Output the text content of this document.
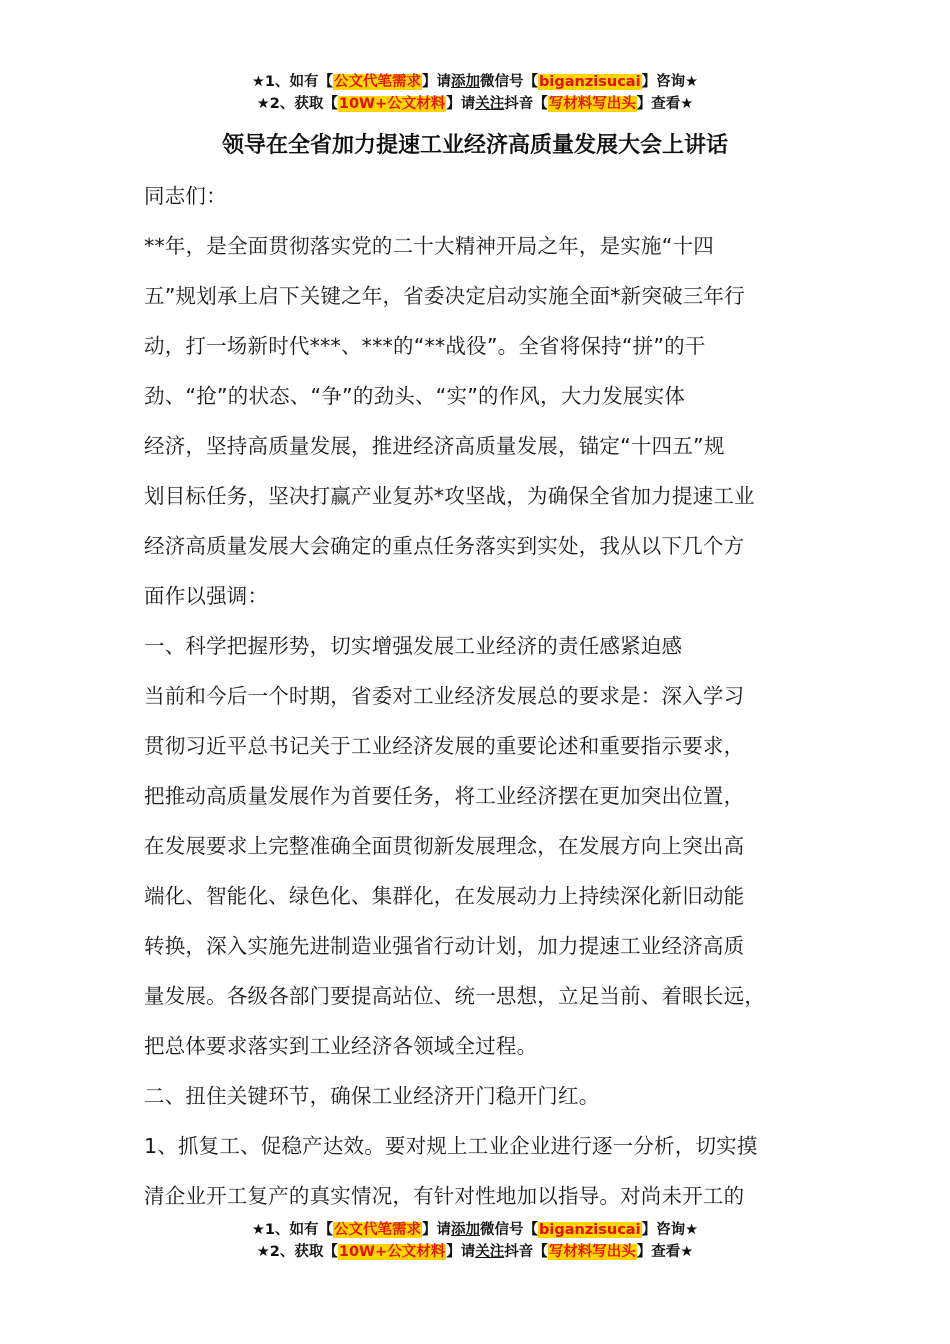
★1、如有【公文代笔需求】请添加微信号【biganzisucai】咨询★
★2、获取【10W+公文材料】请关注抖音【写材料写出头】查看★
领导在全省加力提速工业经济高质量发展大会上讲话
同志们：
**年，是全面贯彻落实党的二十大精神开局之年，是实施“十四
五”规划承上启下关键之年，省委决定启动实施全面*新突破三年行
动，打一场新时代***、***的“**战役”。全省将保持“拼”的干
劲、“抢”的状态、“争”的劲头、“实”的作风，大力发展实体
经济，坚持高质量发展，推进经济高质量发展，锚定“十四五”规
划目标任务，坚决打赢产业复苏*攻坚战，为确保全省加力提速工业
经济高质量发展大会确定的重点任务落实到实处，我从以下几个方
面作以强调：
一、科学把握形势，切实增强发展工业经济的责任感紧迫感
当前和今后一个时期，省委对工业经济发展总的要求是：深入学习
贯彻习近平总书记关于工业经济发展的重要论述和重要指示要求，
把推动高质量发展作为首要任务，将工业经济摆在更加突出位置，
在发展要求上完整准确全面贯彻新发展理念，在发展方向上突出高
端化、智能化、绿色化、集群化，在发展动力上持续深化新旧动能
转换，深入实施先进制造业强省行动计划，加力提速工业经济高质
量发展。各级各部门要提高站位、统一思想，立足当前、着眼长远，
把总体要求落实到工业经济各领域全过程。
二、扭住关键环节，确保工业经济开门稳开门红。
1、抓复工、促稳产达效。要对规上工业企业进行逐一分析，切实摸
清企业开工复产的真实情况，有针对性地加以指导。对尚未开工的
★1、如有【公文代笔需求】请添加微信号【biganzisucai】咨询★
★2、获取【10W+公文材料】请关注抖音【写材料写出头】查看★
